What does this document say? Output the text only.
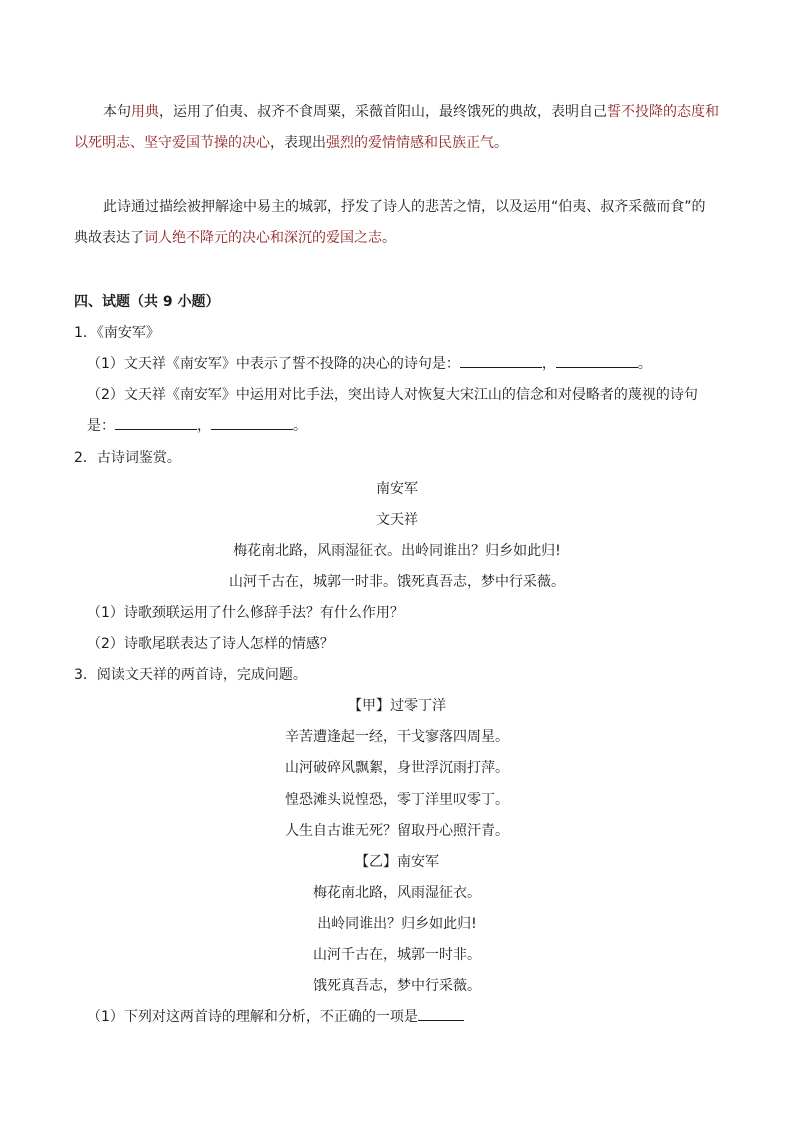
本句用典，运用了伯夷、叔齐不食周粟，采薇首阳山，最终饿死的典故，表明自己誓不投降的态度和
以死明志、坚守爱国节操的决心，表现出强烈的爱情情感和民族正气。
此诗通过描绘被押解途中易主的城郭，抒发了诗人的悲苦之情，以及运用“伯夷、叔齐采薇而食”的
典故表达了词人绝不降元的决心和深沉的爱国之志。
四、试题（共 9 小题）
1．《南安军》
（1）文天祥《南安军》中表示了誓不投降的决心的诗句是：	，	。
（2）文天祥《南安军》中运用对比手法，突出诗人对恢复大宋江山的信念和对侵略者的蔑视的诗句
是：	，	。
2．古诗词鉴赏。
南安军
文天祥
梅花南北路，风雨湿征衣。出岭同谁出？归乡如此归!
山河千古在，城郭一时非。饿死真吾志，梦中行采薇。
（1）诗歌颈联运用了什么修辞手法？有什么作用？
（2）诗歌尾联表达了诗人怎样的情感？
3．阅读文天祥的两首诗，完成问题。
【甲】过零丁洋
辛苦遭逢起一经，干戈寥落四周星。
山河破碎风飘絮，身世浮沉雨打萍。
惶恐滩头说惶恐，零丁洋里叹零丁。
人生自古谁无死？留取丹心照汗青。
【乙】南安军
梅花南北路，风雨湿征衣。
出岭同谁出？归乡如此归!
山河千古在，城郭一时非。
饿死真吾志，梦中行采薇。
（1）下列对这两首诗的理解和分析，不正确的一项是
